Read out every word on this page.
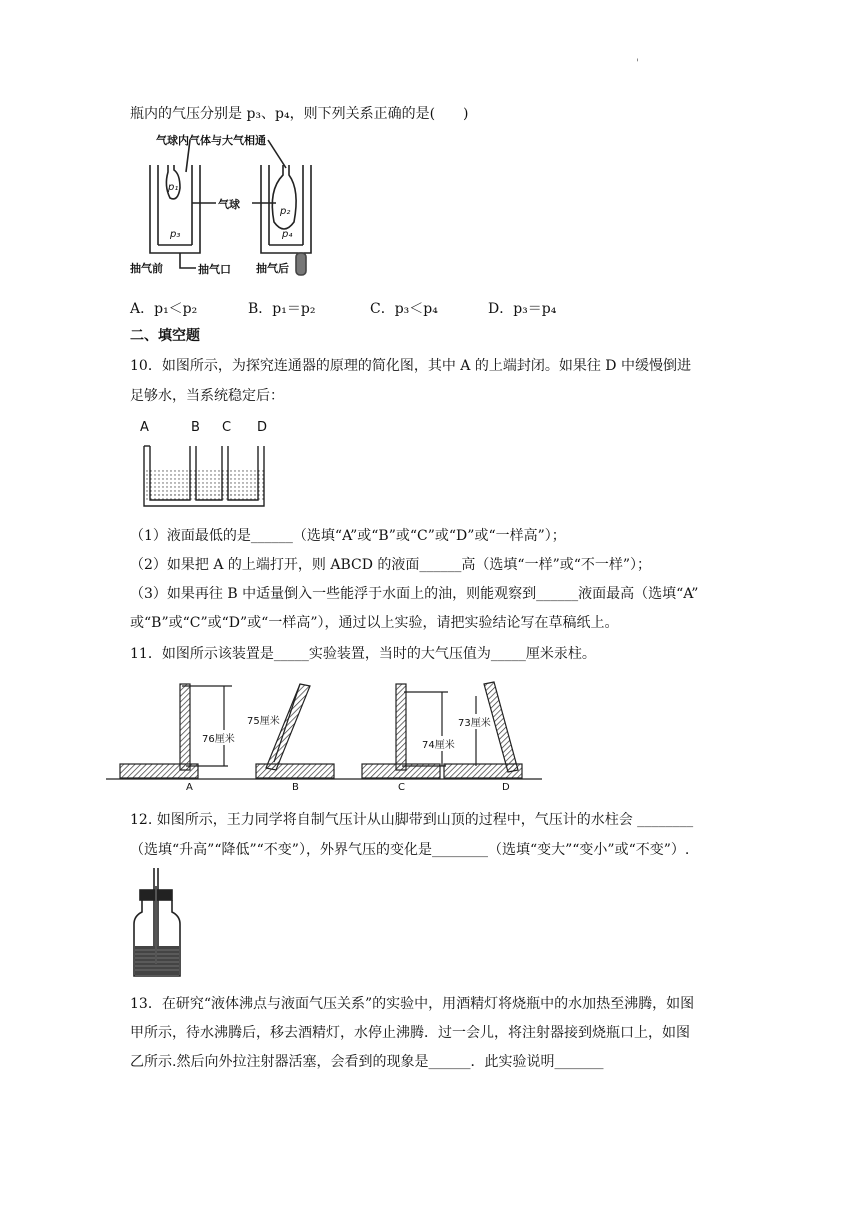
'
瓶内的气压分别是 p₃、p₄，则下列关系正确的是(　　)
气球内气体与大气相通
气球
p₁
p₂
p₃	p₄
抽气前	抽气口 抽气后
A．p₁＜p₂	B．p₁＝p₂	C．p₃＜p₄	D．p₃＝p₄
二、填空题
10．如图所示，为探究连通器的原理的简化图，其中 A 的上端封闭。如果往 D 中缓慢倒进
足够水，当系统稳定后：
A	B C D
（1）液面最低的是______（选填“A”或“B”或“C”或“D”或“一样高”）；
（2）如果把 A 的上端打开，则 ABCD 的液面______高（选填“一样”或“不一样”）；
（3）如果再往 B 中适量倒入一些能浮于水面上的油，则能观察到______液面最高（选填“A”
或“B”或“C”或“D”或“一样高”），通过以上实验，请把实验结论写在草稿纸上。
11．如图所示该装置是_____实验装置，当时的大气压值为_____厘米汞柱。
76厘米
75厘米
74厘米
73厘米
A	B	C	D
12. 如图所示，王力同学将自制气压计从山脚带到山顶的过程中，气压计的水柱会 ________
（选填“升高”“降低”“不变”），外界气压的变化是________（选填“变大”“变小”或“不变”）.
13．在研究“液体沸点与液面气压关系”的实验中，用酒精灯将烧瓶中的水加热至沸腾，如图
甲所示，待水沸腾后，移去酒精灯，水停止沸腾．过一会儿，将注射器接到烧瓶口上，如图
乙所示.然后向外拉注射器活塞，会看到的现象是______．此实验说明_______
